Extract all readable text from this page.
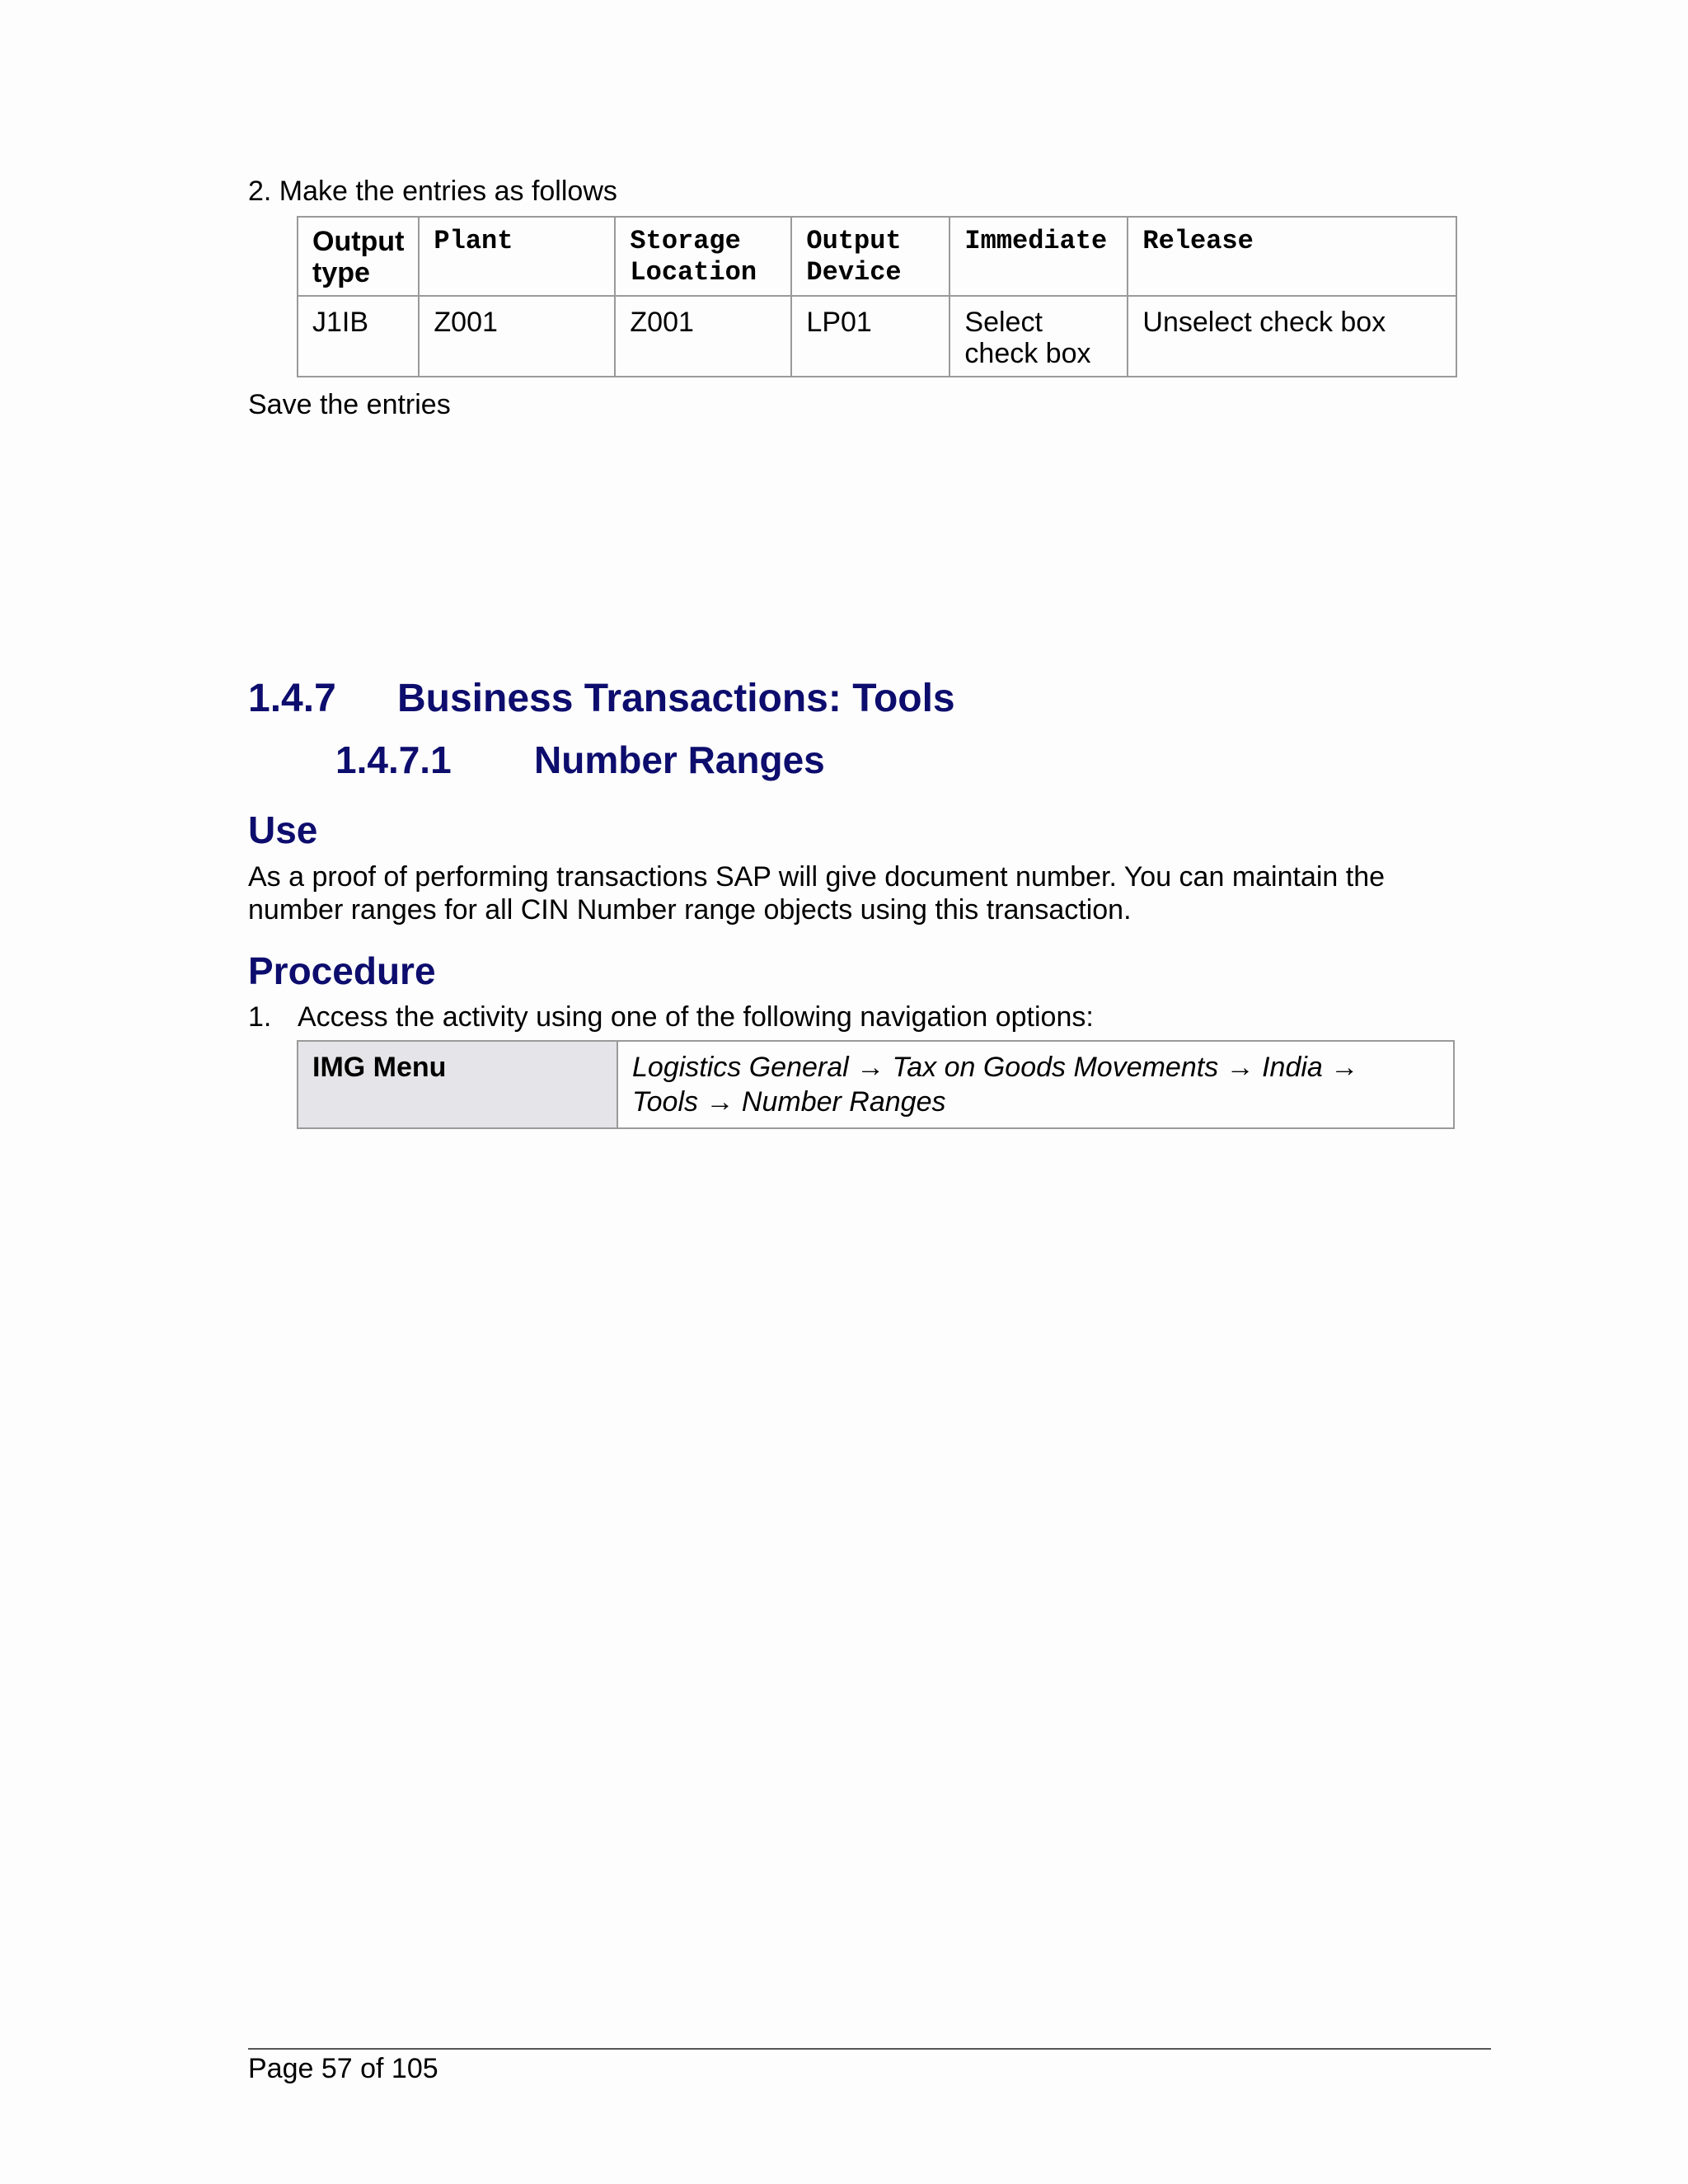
2. Make the entries as follows
Output type	Plant	Storage Location	Output Device	Immediate	Release
J1IB	Z001	Z001	LP01	Select check box	Unselect check box
Save the entries
1.4.7 Business Transactions: Tools
1.4.7.1 Number Ranges
Use
As a proof of performing transactions SAP will give document number. You can maintain the number ranges for all CIN Number range objects using this transaction.
Procedure
1. Access the activity using one of the following navigation options:
IMG Menu	Logistics General → Tax on Goods Movements → India →
Tools → Number Ranges
Page 57 of 105
